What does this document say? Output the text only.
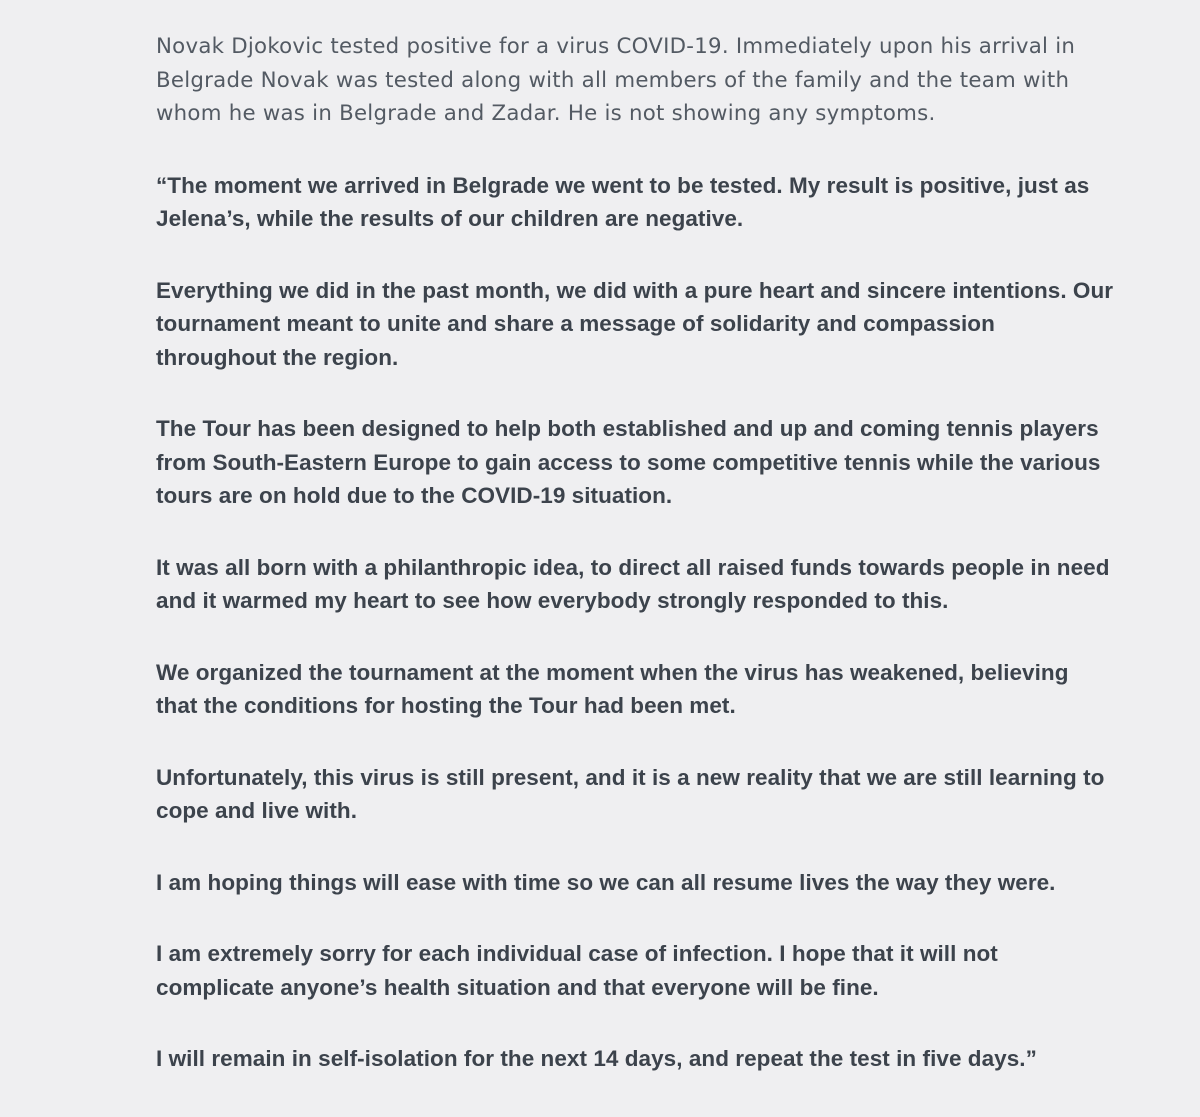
Novak Djokovic tested positive for a virus COVID-19. Immediately upon his arrival in Belgrade Novak was tested along with all members of the family and the team with whom he was in Belgrade and Zadar. He is not showing any symptoms.

“The moment we arrived in Belgrade we went to be tested. My result is positive, just as Jelena’s, while the results of our children are negative.

Everything we did in the past month, we did with a pure heart and sincere intentions. Our tournament meant to unite and share a message of solidarity and compassion throughout the region.

The Tour has been designed to help both established and up and coming tennis players from South-Eastern Europe to gain access to some competitive tennis while the various tours are on hold due to the COVID-19 situation.

It was all born with a philanthropic idea, to direct all raised funds towards people in need and it warmed my heart to see how everybody strongly responded to this.

We organized the tournament at the moment when the virus has weakened, believing that the conditions for hosting the Tour had been met.

Unfortunately, this virus is still present, and it is a new reality that we are still learning to cope and live with.

I am hoping things will ease with time so we can all resume lives the way they were.

I am extremely sorry for each individual case of infection. I hope that it will not complicate anyone’s health situation and that everyone will be fine.

I will remain in self-isolation for the next 14 days, and repeat the test in five days.”
